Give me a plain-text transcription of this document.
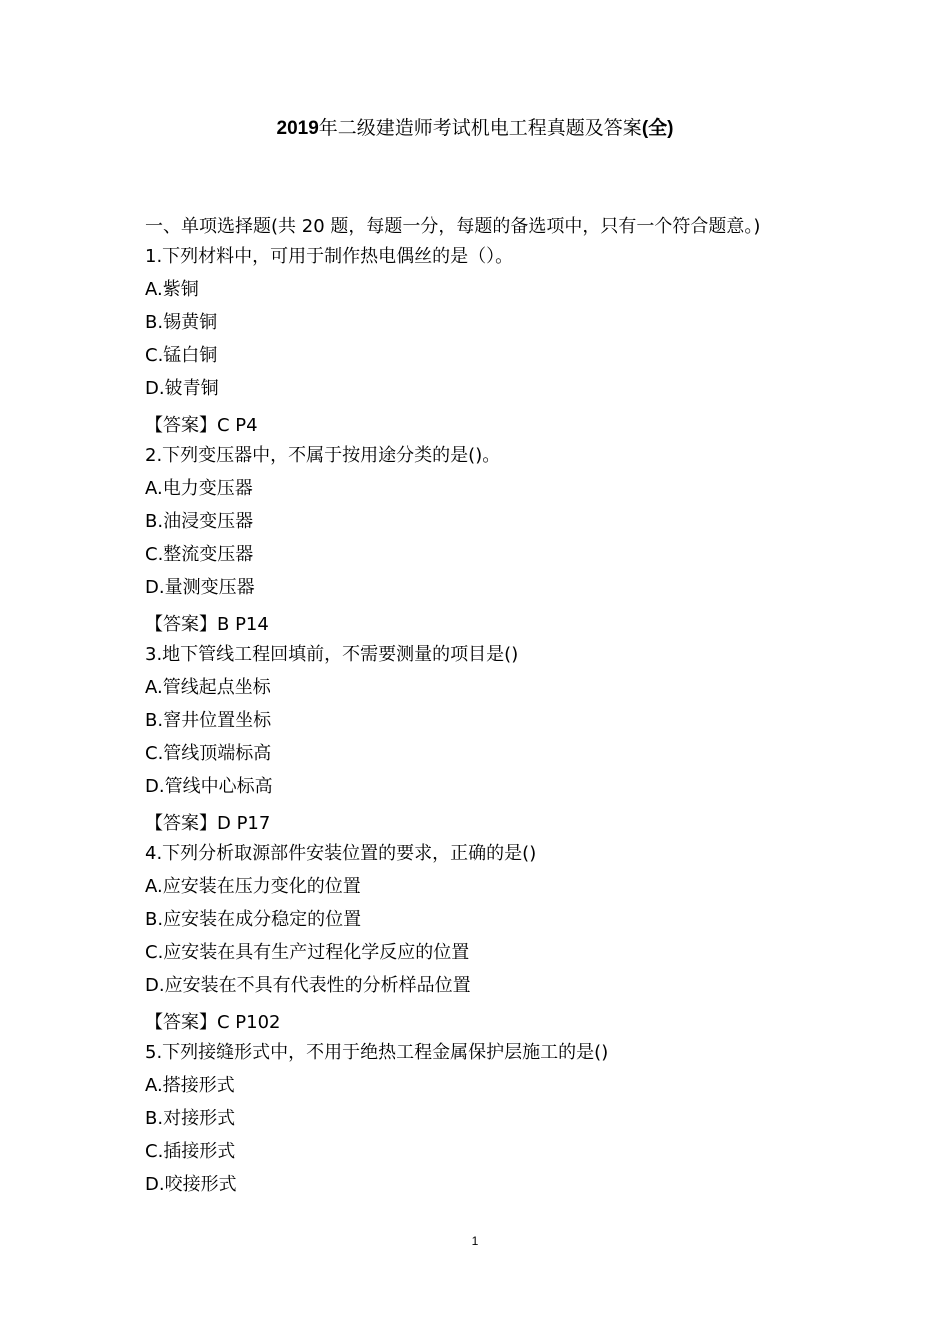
2019年二级建造师考试机电工程真题及答案(全)

一、单项选择题(共 20 题，每题一分，每题的备选项中，只有一个符合题意。)

1.下列材料中，可用于制作热电偶丝的是（）。

A.紫铜

B.锡黄铜

C.锰白铜

D.铍青铜

【答案】C P4

2.下列变压器中，不属于按用途分类的是()。

A.电力变压器

B.油浸变压器

C.整流变压器

D.量测变压器

【答案】B P14

3.地下管线工程回填前，不需要测量的项目是()

A.管线起点坐标

B.窨井位置坐标

C.管线顶端标高

D.管线中心标高

【答案】D P17

4.下列分析取源部件安装位置的要求，正确的是()

A.应安装在压力变化的位置

B.应安装在成分稳定的位置

C.应安装在具有生产过程化学反应的位置

D.应安装在不具有代表性的分析样品位置

【答案】C P102

5.下列接缝形式中，不用于绝热工程金属保护层施工的是()

A.搭接形式

B.对接形式

C.插接形式

D.咬接形式

1
